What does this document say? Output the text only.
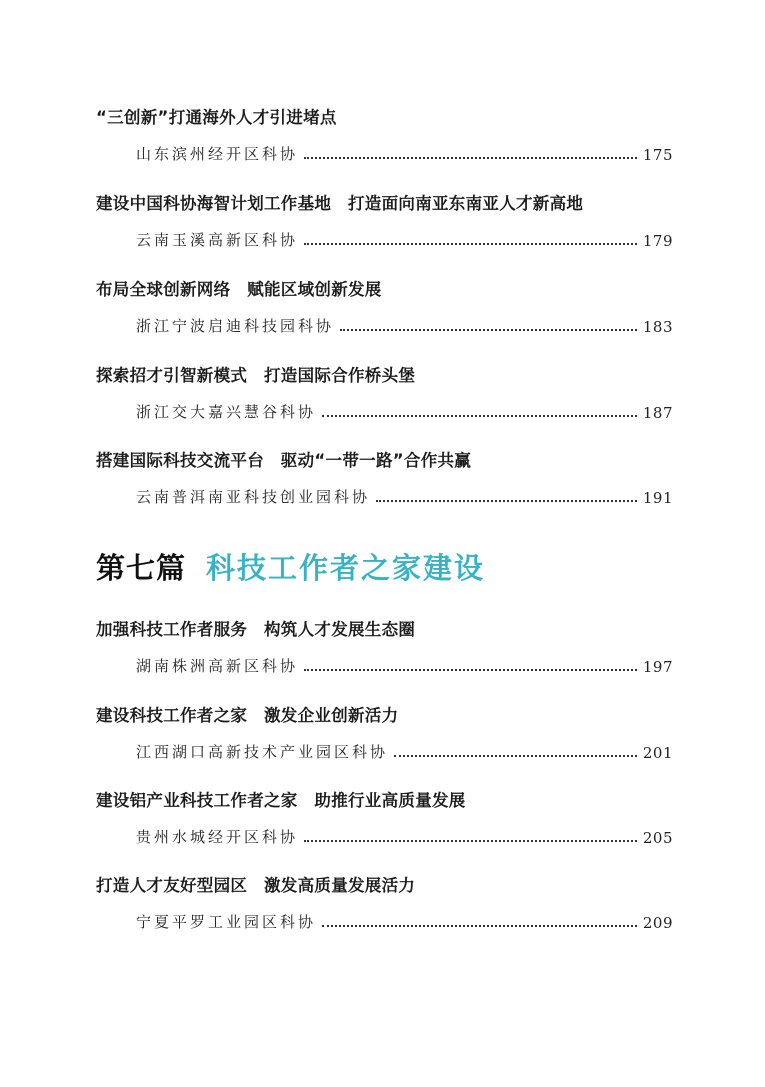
“三创新”打通海外人才引进堵点
山东滨州经开区科协	175
建设中国科协海智计划工作基地　打造面向南亚东南亚人才新高地
云南玉溪高新区科协	179
布局全球创新网络　赋能区域创新发展
浙江宁波启迪科技园科协	183
探索招才引智新模式　打造国际合作桥头堡
浙江交大嘉兴慧谷科协	187
搭建国际科技交流平台　驱动“一带一路”合作共赢
云南普洱南亚科技创业园科协	191
第七篇 科技工作者之家建设
加强科技工作者服务　构筑人才发展生态圈
湖南株洲高新区科协	197
建设科技工作者之家　激发企业创新活力
江西湖口高新技术产业园区科协	201
建设铝产业科技工作者之家　助推行业高质量发展
贵州水城经开区科协	205
打造人才友好型园区　激发高质量发展活力
宁夏平罗工业园区科协	209
